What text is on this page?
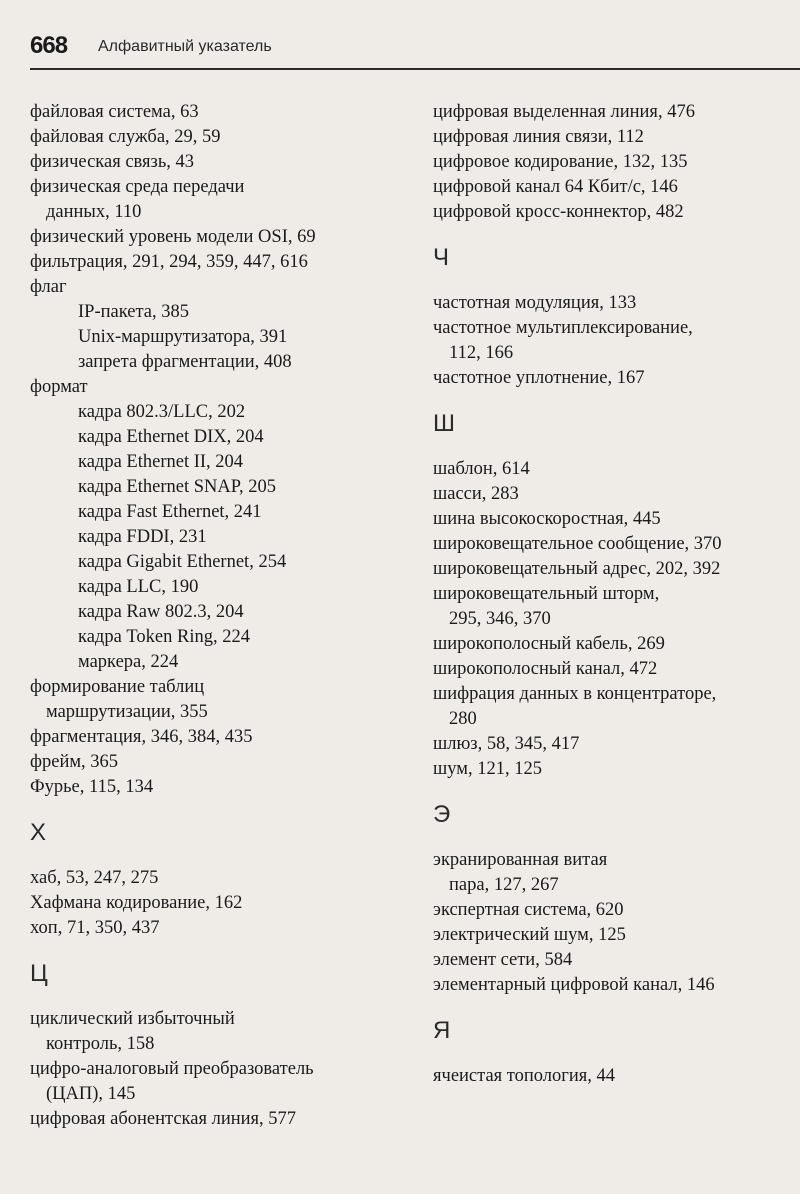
668 Алфавитный указатель
файловая система, 63
файловая служба, 29, 59
физическая связь, 43
физическая среда передачи
данных, 110
физический уровень модели OSI, 69
фильтрация, 291, 294, 359, 447, 616
флаг
IP-пакета, 385
Unix-маршрутизатора, 391
запрета фрагментации, 408
формат
кадра 802.3/LLC, 202
кадра Ethernet DIX, 204
кадра Ethernet II, 204
кадра Ethernet SNAP, 205
кадра Fast Ethernet, 241
кадра FDDI, 231
кадра Gigabit Ethernet, 254
кадра LLC, 190
кадра Raw 802.3, 204
кадра Token Ring, 224
маркера, 224
формирование таблиц
маршрутизации, 355
фрагментация, 346, 384, 435
фрейм, 365
Фурье, 115, 134
Х
хаб, 53, 247, 275
Хафмана кодирование, 162
хоп, 71, 350, 437
Ц
циклический избыточный
контроль, 158
цифро-аналоговый преобразователь
(ЦАП), 145
цифровая абонентская линия, 577
цифровая выделенная линия, 476
цифровая линия связи, 112
цифровое кодирование, 132, 135
цифровой канал 64 Кбит/с, 146
цифровой кросс-коннектор, 482
Ч
частотная модуляция, 133
частотное мультиплексирование,
112, 166
частотное уплотнение, 167
Ш
шаблон, 614
шасси, 283
шина высокоскоростная, 445
широковещательное сообщение, 370
широковещательный адрес, 202, 392
широковещательный шторм,
295, 346, 370
широкополосный кабель, 269
широкополосный канал, 472
шифрация данных в концентраторе,
280
шлюз, 58, 345, 417
шум, 121, 125
Э
экранированная витая
пара, 127, 267
экспертная система, 620
электрический шум, 125
элемент сети, 584
элементарный цифровой канал, 146
Я
ячеистая топология, 44
